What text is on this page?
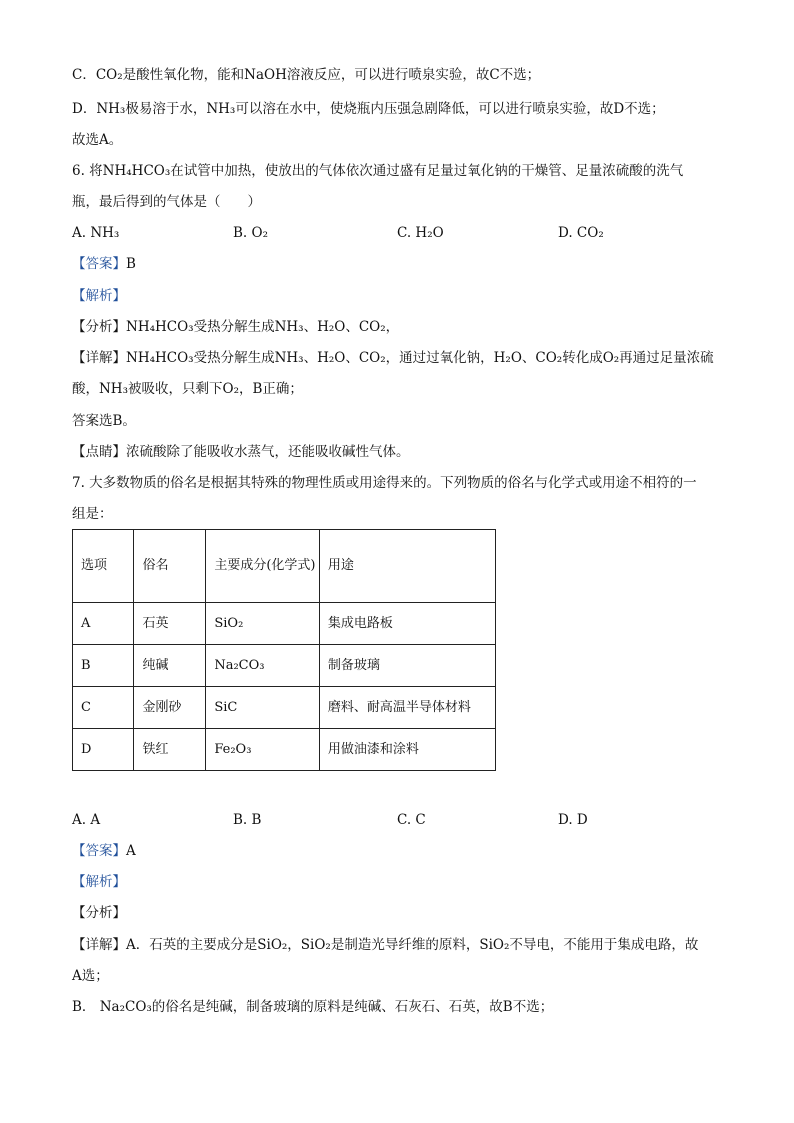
C．CO₂是酸性氧化物，能和NaOH溶液反应，可以进行喷泉实验，故C不选；
D．NH₃极易溶于水，NH₃可以溶在水中，使烧瓶内压强急剧降低，可以进行喷泉实验，故D不选；
故选A。
6. 将NH₄HCO₃在试管中加热，使放出的气体依次通过盛有足量过氧化钠的干燥管、足量浓硫酸的洗气
瓶，最后得到的气体是（　　）
A. NH₃	B. O₂	C. H₂O	D. CO₂
【答案】B
【解析】
【分析】NH₄HCO₃受热分解生成NH₃、H₂O、CO₂，
【详解】NH₄HCO₃受热分解生成NH₃、H₂O、CO₂，通过过氧化钠，H₂O、CO₂转化成O₂再通过足量浓硫
酸，NH₃被吸收，只剩下O₂，B正确；
答案选B。
【点睛】浓硫酸除了能吸收水蒸气，还能吸收碱性气体。
7. 大多数物质的俗名是根据其特殊的物理性质或用途得来的。下列物质的俗名与化学式或用途不相符的一
组是：
选项	俗名	主要成分(化学式)	用途
A	石英	SiO₂	集成电路板
B	纯碱	Na₂CO₃	制备玻璃
C	金刚砂	SiC	磨料、耐高温半导体材料
D	铁红	Fe₂O₃	用做油漆和涂料
A. A	B. B	C. C	D. D
【答案】A
【解析】
【分析】
【详解】A．石英的主要成分是SiO₂，SiO₂是制造光导纤维的原料，SiO₂不导电，不能用于集成电路，故
A选；
B． Na₂CO₃的俗名是纯碱，制备玻璃的原料是纯碱、石灰石、石英，故B不选；
